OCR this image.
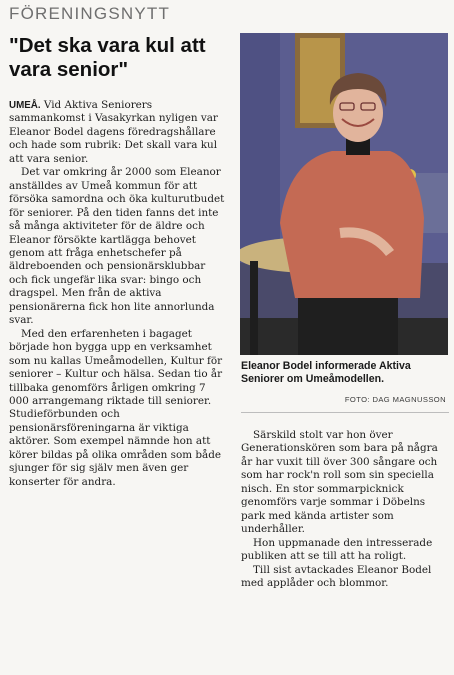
FÖRENINGSNYTT
"Det ska vara kul att vara senior"

UMEÅ. Vid Aktiva Seniorers sammankomst i Vasakyrkan nyligen var Eleanor Bodel dagens föredragshållare och hade som rubrik: Det skall vara kul att vara senior.

Det var omkring år 2000 som Eleanor anställdes av Umeå kommun för att försöka samordna och öka kulturutbudet för seniorer. På den tiden fanns det inte så många aktiviteter för de äldre och Eleanor försökte kartlägga behovet genom att fråga enhetschefer på äldreboenden och pensionärsklubbar och fick ungefär lika svar: bingo och dragspel. Men från de aktiva pensionärerna fick hon lite annorlunda svar.

Med den erfarenheten i bagaget började hon bygga upp en verksamhet som nu kallas Umeåmodellen, Kultur för seniorer – Kultur och hälsa. Sedan tio år tillbaka genomförs årligen omkring 7 000 arrangemang riktade till seniorer. Studieförbunden och pensionärsföreningarna är viktiga aktörer. Som exempel nämnde hon att körer bildas på olika områden som både sjunger för sig själv men även ger konserter för andra.

Eleanor Bodel informerade Aktiva Seniorer om Umeåmodellen.
FOTO: DAG MAGNUSSON

Särskild stolt var hon över Generationskören som bara på några år har vuxit till över 300 sångare och som har rock'n roll som sin speciella nisch. En stor sommarpicknick genomförs varje sommar i Döbelns park med kända artister som underhåller.

Hon uppmanade den intresserade publiken att se till att ha roligt.

Till sist avtackades Eleanor Bodel med applåder och blommor.
